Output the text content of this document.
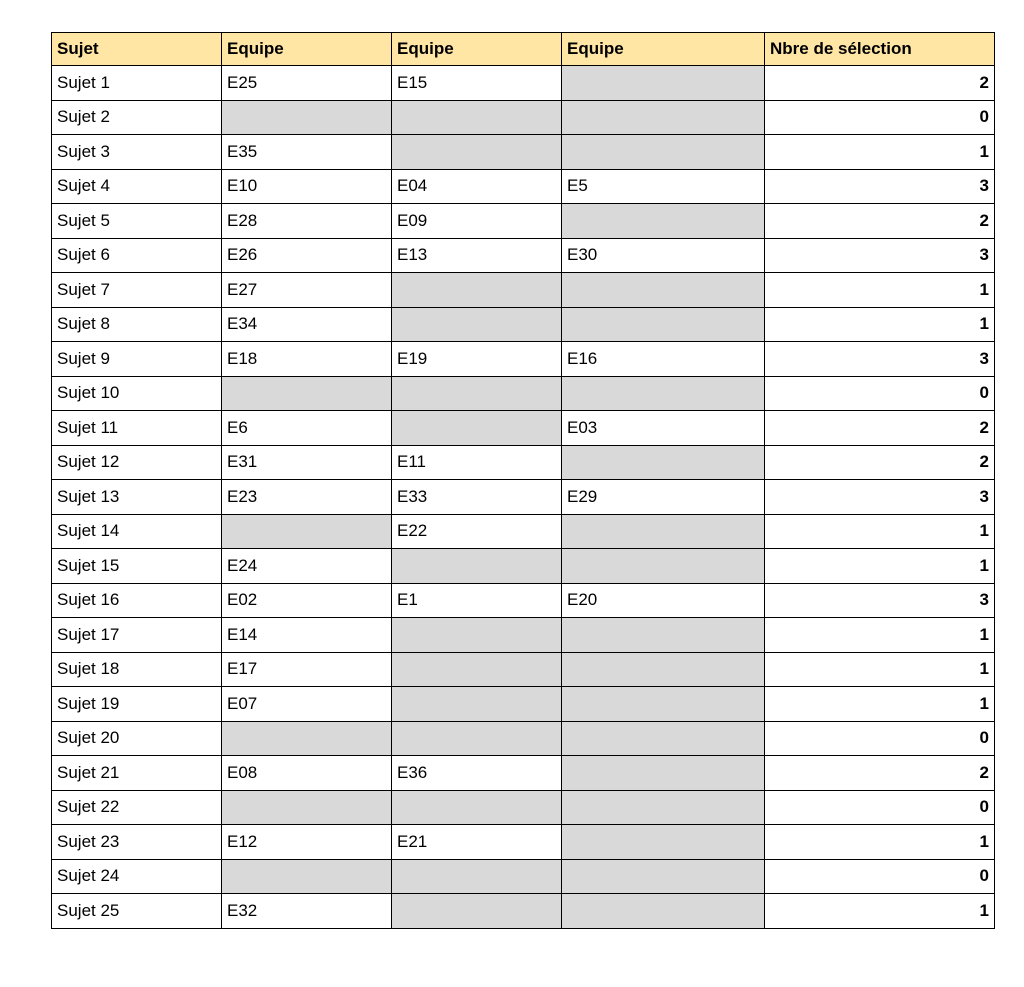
Sujet	Equipe	Equipe	Equipe	Nbre de sélection
Sujet 1	E25	E15		2
Sujet 2				0
Sujet 3	E35			1
Sujet 4	E10	E04	E5	3
Sujet 5	E28	E09		2
Sujet 6	E26	E13	E30	3
Sujet 7	E27			1
Sujet 8	E34			1
Sujet 9	E18	E19	E16	3
Sujet 10				0
Sujet 11	E6		E03	2
Sujet 12	E31	E11		2
Sujet 13	E23	E33	E29	3
Sujet 14		E22		1
Sujet 15	E24			1
Sujet 16	E02	E1	E20	3
Sujet 17	E14			1
Sujet 18	E17			1
Sujet 19	E07			1
Sujet 20				0
Sujet 21	E08	E36		2
Sujet 22				0
Sujet 23	E12	E21		1
Sujet 24				0
Sujet 25	E32			1
